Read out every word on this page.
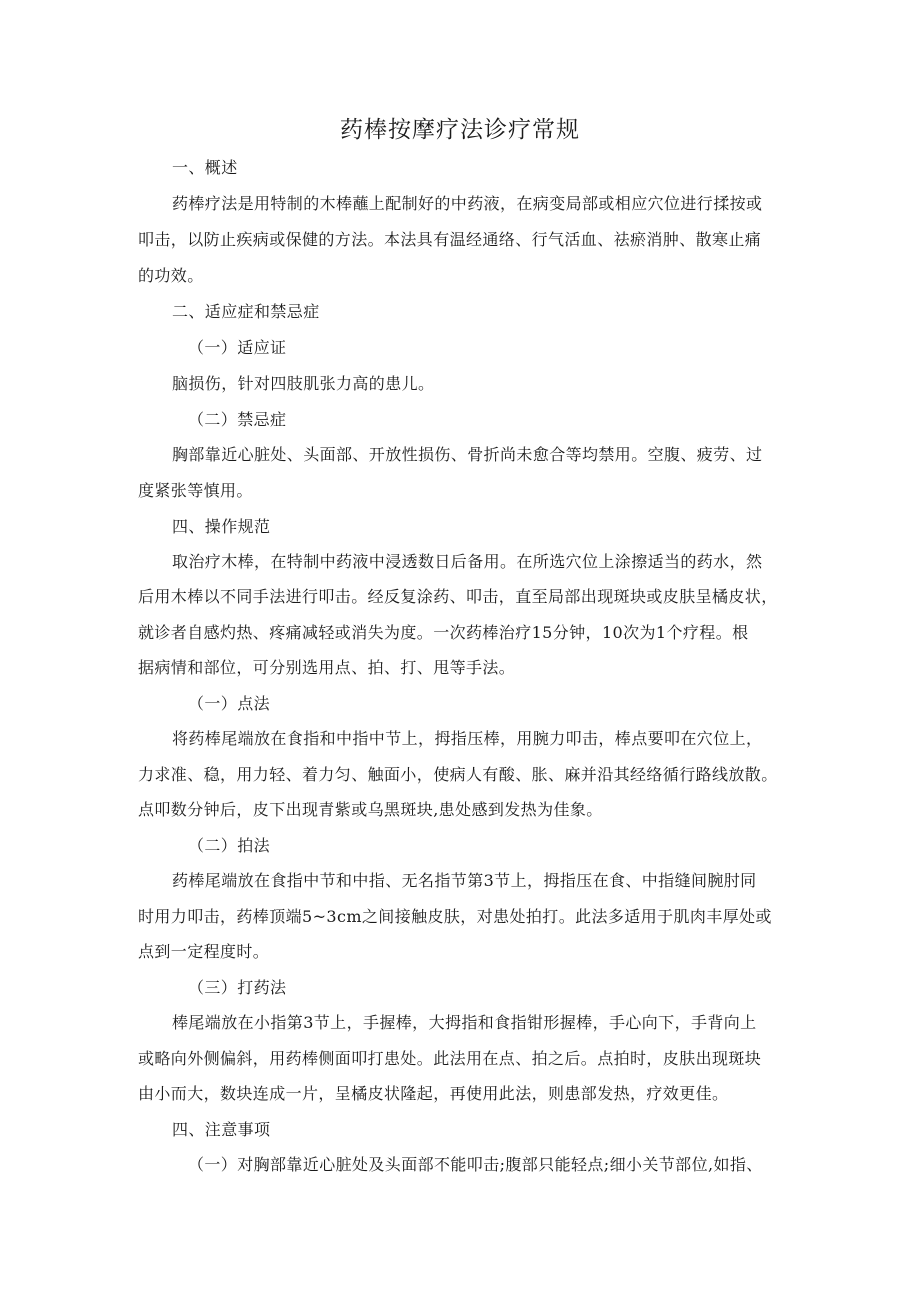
药棒按摩疗法诊疗常规

一、概述

药棒疗法是用特制的木棒蘸上配制好的中药液，在病变局部或相应穴位进行揉按或

叩击，以防止疾病或保健的方法。本法具有温经通络、行气活血、祛瘀消肿、散寒止痛

的功效。

二、适应症和禁忌症

（一）适应证

脑损伤，针对四肢肌张力高的患儿。

（二）禁忌症

胸部靠近心脏处、头面部、开放性损伤、骨折尚未愈合等均禁用。空腹、疲劳、过

度紧张等慎用。

四、操作规范

取治疗木棒，在特制中药液中浸透数日后备用。在所选穴位上涂擦适当的药水，然

后用木棒以不同手法进行叩击。经反复涂药、叩击，直至局部出现斑块或皮肤呈橘皮状，

就诊者自感灼热、疼痛减轻或消失为度。一次药棒治疗15分钟，10次为1个疗程。根

据病情和部位，可分别选用点、拍、打、甩等手法。

（一）点法

将药棒尾端放在食指和中指中节上，拇指压棒，用腕力叩击，棒点要叩在穴位上，

力求准、稳，用力轻、着力匀、触面小，使病人有酸、胀、麻并沿其经络循行路线放散。

点叩数分钟后，皮下出现青紫或乌黑斑块,患处感到发热为佳象。

（二）拍法

药棒尾端放在食指中节和中指、无名指节第3节上，拇指压在食、中指缝间腕肘同

时用力叩击，药棒顶端5~3cm之间接触皮肤，对患处拍打。此法多适用于肌肉丰厚处或

点到一定程度时。

（三）打药法

棒尾端放在小指第3节上，手握棒，大拇指和食指钳形握棒，手心向下，手背向上

或略向外侧偏斜，用药棒侧面叩打患处。此法用在点、拍之后。点拍时，皮肤出现斑块

由小而大，数块连成一片，呈橘皮状隆起，再使用此法，则患部发热，疗效更佳。

四、注意事项

（一）对胸部靠近心脏处及头面部不能叩击;腹部只能轻点;细小关节部位,如指、
